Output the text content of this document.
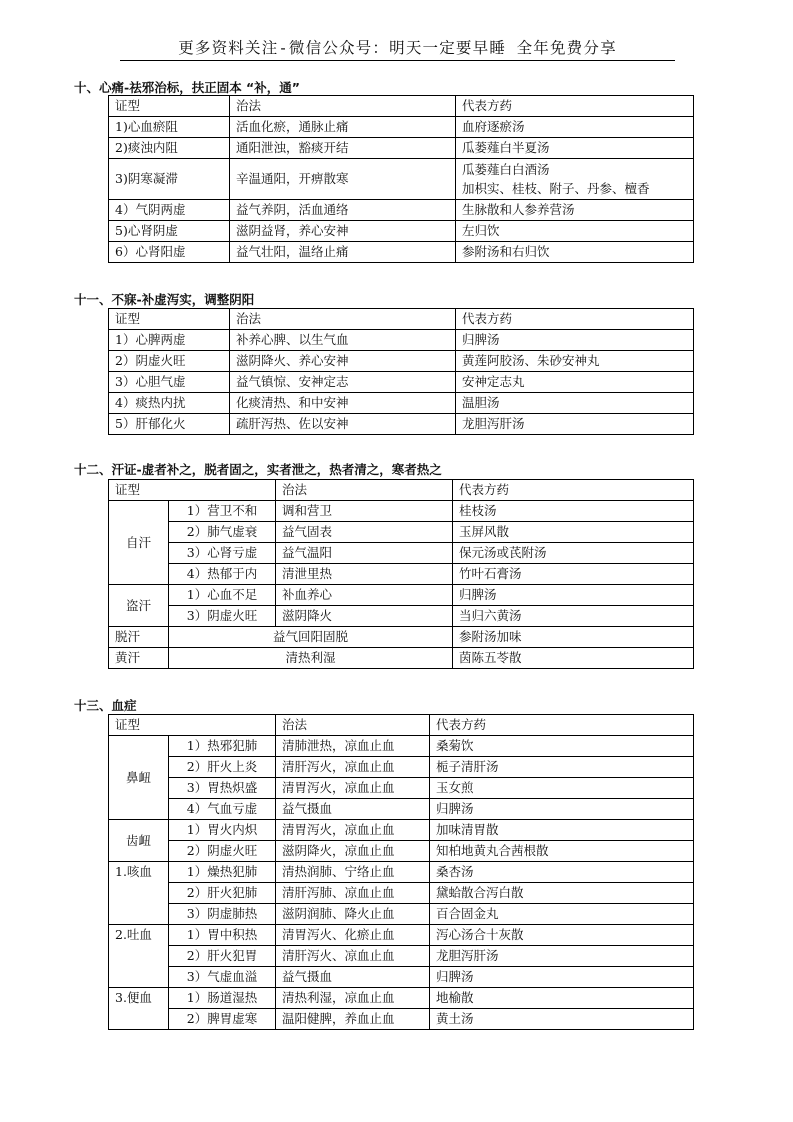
更多资料关注-微信公众号：明天一定要早睡 全年免费分享
十、心痛-祛邪治标，扶正固本 “补，通”
证型	治法	代表方药
1)心血瘀阻	活血化瘀，通脉止痛	血府逐瘀汤
2)痰浊内阻	通阳泄浊，豁痰开结	瓜蒌薤白半夏汤
3)阴寒凝滞	辛温通阳，开痹散寒	瓜蒌薤白白酒汤
加枳实、桂枝、附子、丹参、檀香

4）气阴两虚	益气养阴，活血通络	生脉散和人参养营汤
5)心肾阴虚	滋阴益肾，养心安神	左归饮
6）心肾阳虚	益气壮阳，温络止痛	参附汤和右归饮
十一、不寐-补虚泻实，调整阴阳
证型	治法	代表方药
1）心脾两虚	补养心脾、以生气血	归脾汤
2）阴虚火旺	滋阴降火、养心安神	黄莲阿胶汤、朱砂安神丸
3）心胆气虚	益气镇惊、安神定志	安神定志丸
4）痰热内扰	化痰清热、和中安神	温胆汤
5）肝郁化火	疏肝泻热、佐以安神	龙胆泻肝汤
十二、汗证-虚者补之，脱者固之，实者泄之，热者清之，寒者热之
证型		治法	代表方药
自汗	1）营卫不和	调和营卫	桂枝汤
	2）肺气虚衰	益气固表	玉屏风散
	3）心肾亏虚	益气温阳	保元汤或芪附汤
	4）热郁于内	清泄里热	竹叶石膏汤
盗汗	1）心血不足	补血养心	归脾汤
	3）阴虚火旺	滋阴降火	当归六黄汤
脱汗	益气回阳固脱		参附汤加味
黄汗	清热利湿		茵陈五苓散
十三、血症
证型		治法	代表方药
鼻衄	1）热邪犯肺	清肺泄热，凉血止血	桑菊饮
	2）肝火上炎	清肝泻火，凉血止血	栀子清肝汤
	3）胃热炽盛	清胃泻火，凉血止血	玉女煎
	4）气血亏虚	益气摄血	归脾汤
齿衄	1）胃火内炽	清胃泻火，凉血止血	加味清胃散
	2）阴虚火旺	滋阴降火，凉血止血	知柏地黄丸合茜根散
1.咳血	1）燥热犯肺	清热润肺、宁络止血	桑杏汤
	2）肝火犯肺	清肝泻肺、凉血止血	黛蛤散合泻白散
	3）阴虚肺热	滋阴润肺、降火止血	百合固金丸
2.吐血	1）胃中积热	清胃泻火、化瘀止血	泻心汤合十灰散
	2）肝火犯胃	清肝泻火、凉血止血	龙胆泻肝汤
	3）气虚血溢	益气摄血	归脾汤
3.便血	1）肠道湿热	清热利湿，凉血止血	地榆散
	2）脾胃虚寒	温阳健脾，养血止血	黄土汤
